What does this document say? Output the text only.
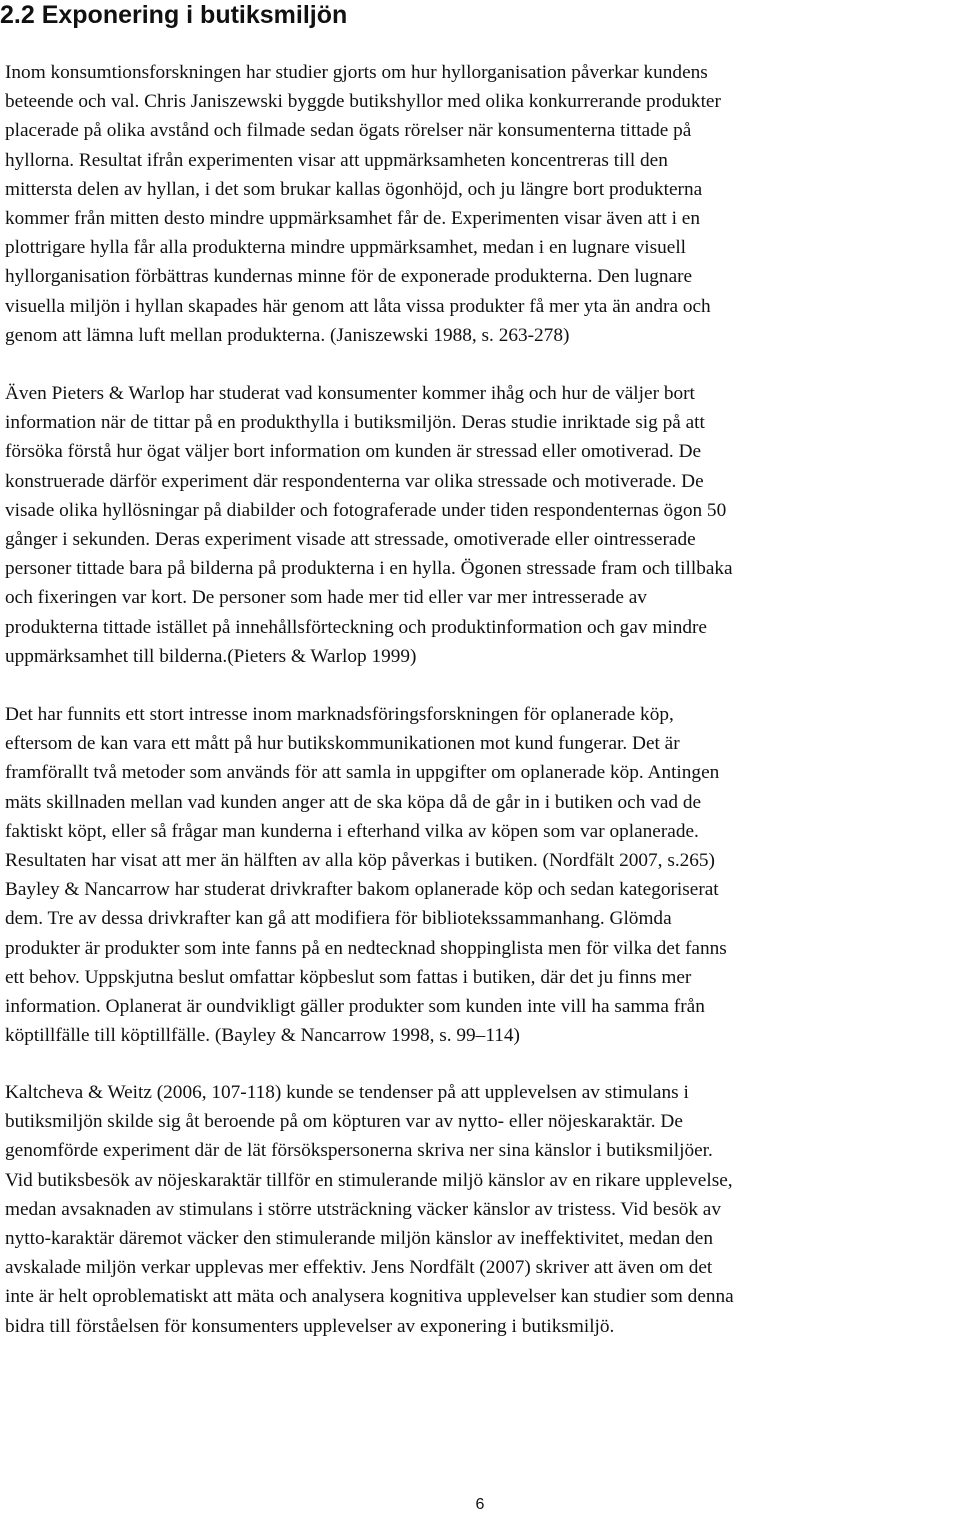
2.2 Exponering i butiksmiljön

Inom konsumtionsforskningen har studier gjorts om hur hyllorganisation påverkar kundens
beteende och val. Chris Janiszewski byggde butikshyllor med olika konkurrerande produkter
placerade på olika avstånd och filmade sedan ögats rörelser när konsumenterna tittade på
hyllorna. Resultat ifrån experimenten visar att uppmärksamheten koncentreras till den
mittersta delen av hyllan, i det som brukar kallas ögonhöjd, och ju längre bort produkterna
kommer från mitten desto mindre uppmärksamhet får de. Experimenten visar även att i en
plottrigare hylla får alla produkterna mindre uppmärksamhet, medan i en lugnare visuell
hyllorganisation förbättras kundernas minne för de exponerade produkterna. Den lugnare
visuella miljön i hyllan skapades här genom att låta vissa produkter få mer yta än andra och
genom att lämna luft mellan produkterna. (Janiszewski 1988, s. 263-278)

Även Pieters & Warlop har studerat vad konsumenter kommer ihåg och hur de väljer bort
information när de tittar på en produkthylla i butiksmiljön. Deras studie inriktade sig på att
försöka förstå hur ögat väljer bort information om kunden är stressad eller omotiverad. De
konstruerade därför experiment där respondenterna var olika stressade och motiverade. De
visade olika hyllösningar på diabilder och fotograferade under tiden respondenternas ögon 50
gånger i sekunden. Deras experiment visade att stressade, omotiverade eller ointresserade
personer tittade bara på bilderna på produkterna i en hylla. Ögonen stressade fram och tillbaka
och fixeringen var kort. De personer som hade mer tid eller var mer intresserade av
produkterna tittade istället på innehållsförteckning och produktinformation och gav mindre
uppmärksamhet till bilderna.(Pieters & Warlop 1999)

Det har funnits ett stort intresse inom marknadsföringsforskningen för oplanerade köp,
eftersom de kan vara ett mått på hur butikskommunikationen mot kund fungerar. Det är
framförallt två metoder som används för att samla in uppgifter om oplanerade köp. Antingen
mäts skillnaden mellan vad kunden anger att de ska köpa då de går in i butiken och vad de
faktiskt köpt, eller så frågar man kunderna i efterhand vilka av köpen som var oplanerade.
Resultaten har visat att mer än hälften av alla köp påverkas i butiken. (Nordfält 2007, s.265)
Bayley & Nancarrow har studerat drivkrafter bakom oplanerade köp och sedan kategoriserat
dem. Tre av dessa drivkrafter kan gå att modifiera för bibliotekssammanhang. Glömda
produkter är produkter som inte fanns på en nedtecknad shoppinglista men för vilka det fanns
ett behov. Uppskjutna beslut omfattar köpbeslut som fattas i butiken, där det ju finns mer
information. Oplanerat är oundvikligt gäller produkter som kunden inte vill ha samma från
köptillfälle till köptillfälle. (Bayley & Nancarrow 1998, s. 99–114)

Kaltcheva & Weitz (2006, 107-118) kunde se tendenser på att upplevelsen av stimulans i
butiksmiljön skilde sig åt beroende på om köpturen var av nytto- eller nöjeskaraktär. De
genomförde experiment där de lät försökspersonerna skriva ner sina känslor i butiksmiljöer.
Vid butiksbesök av nöjeskaraktär tillför en stimulerande miljö känslor av en rikare upplevelse,
medan avsaknaden av stimulans i större utsträckning väcker känslor av tristess. Vid besök av
nytto-karaktär däremot väcker den stimulerande miljön känslor av ineffektivitet, medan den
avskalade miljön verkar upplevas mer effektiv. Jens Nordfält (2007) skriver att även om det
inte är helt oproblematiskt att mäta och analysera kognitiva upplevelser kan studier som denna
bidra till förståelsen för konsumenters upplevelser av exponering i butiksmiljö.

6
